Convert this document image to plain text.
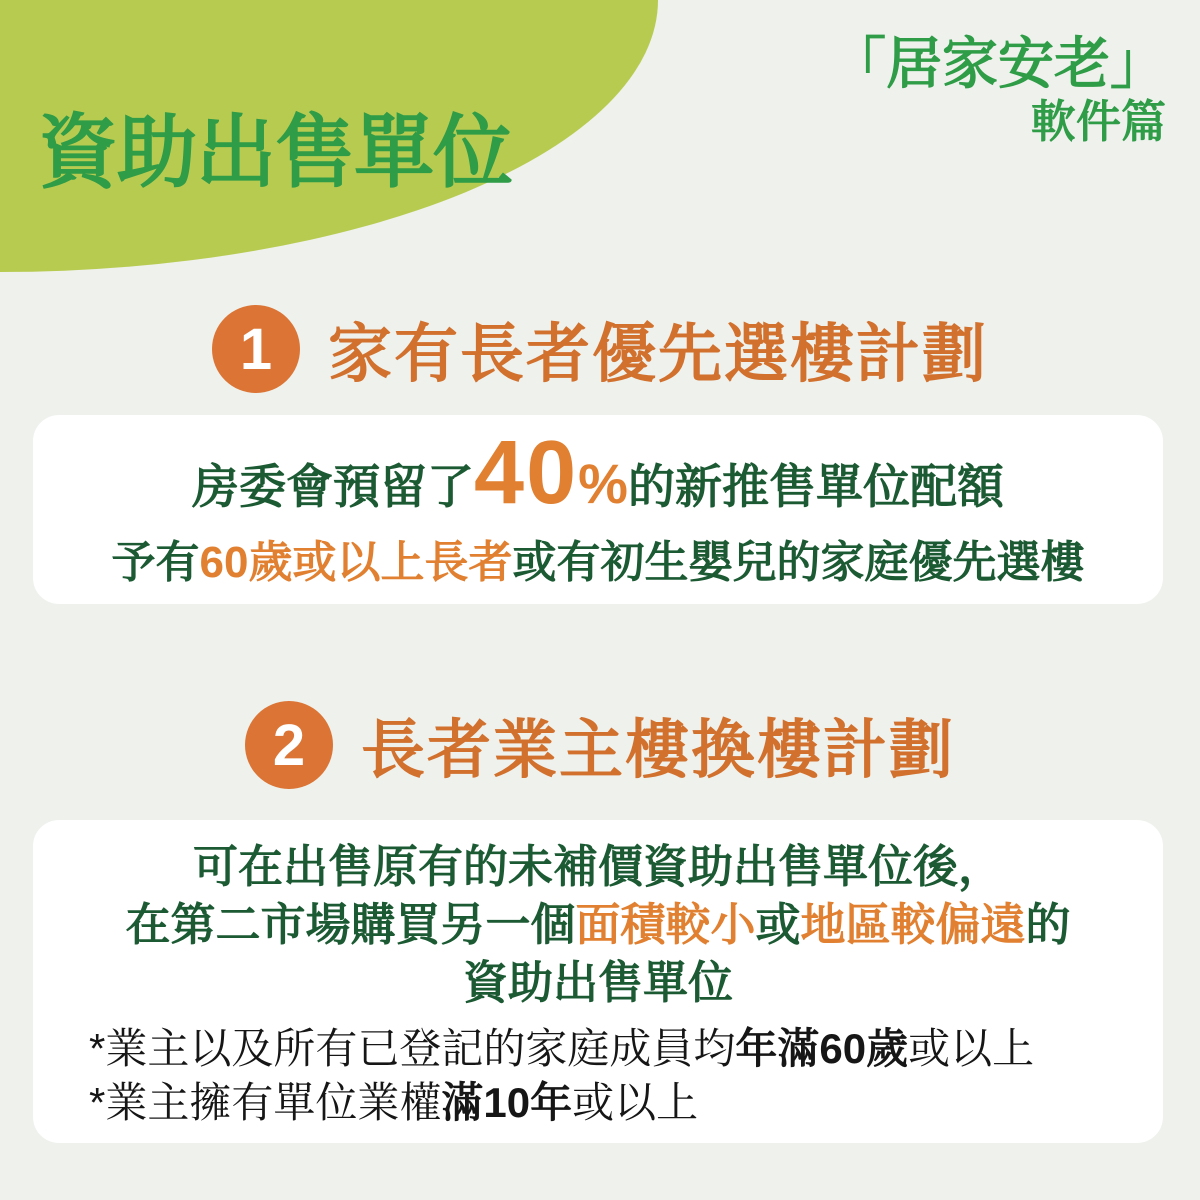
資助出售單位
「居家安老」
軟件篇
1 家有長者優先選樓計劃
房委會預留了40%的新推售單位配額
予有60歲或以上長者或有初生嬰兒的家庭優先選樓
2 長者業主樓換樓計劃
可在出售原有的未補價資助出售單位後，
在第二市場購買另一個面積較小或地區較偏遠的
資助出售單位
*業主以及所有已登記的家庭成員均年滿60歲或以上
*業主擁有單位業權滿10年或以上
